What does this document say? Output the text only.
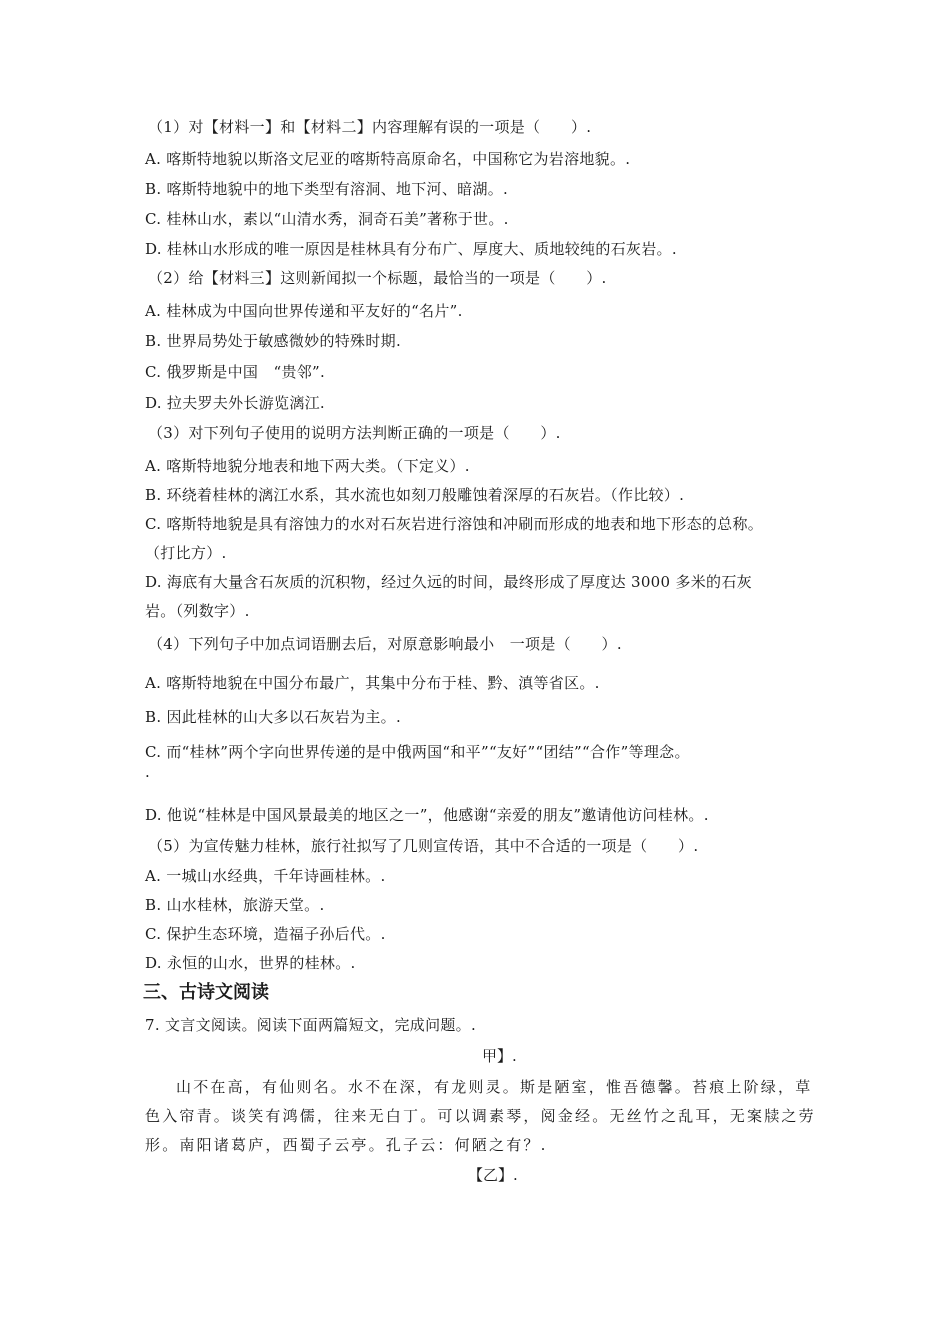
（1）对【材料一】和【材料二】内容理解有误的一项是（　　）.
A. 喀斯特地貌以斯洛文尼亚的喀斯特高原命名，中国称它为岩溶地貌。.
B. 喀斯特地貌中的地下类型有溶洞、地下河、暗湖。.
C. 桂林山水，素以“山清水秀，洞奇石美”著称于世。.
D. 桂林山水形成的唯一原因是桂林具有分布广、厚度大、质地较纯的石灰岩。.
（2）给【材料三】这则新闻拟一个标题，最恰当的一项是（　　）.
A. 桂林成为中国向世界传递和平友好的“名片”.
B. 世界局势处于敏感微妙的特殊时期.
C. 俄罗斯是中国　“贵邻”.
D. 拉夫罗夫外长游览漓江.
（3）对下列句子使用的说明方法判断正确的一项是（　　）.
A. 喀斯特地貌分地表和地下两大类。（下定义）.
B. 环绕着桂林的漓江水系，其水流也如刻刀般雕蚀着深厚的石灰岩。（作比较）.
C. 喀斯特地貌是具有溶蚀力的水对石灰岩进行溶蚀和冲刷而形成的地表和地下形态的总称。
（打比方）.
D. 海底有大量含石灰质的沉积物，经过久远的时间，最终形成了厚度达 3000 多米的石灰
岩。（列数字）.
（4）下列句子中加点词语删去后，对原意影响最小　一项是（　　）.
A. 喀斯特地貌在中国分布最广，其集中分布于桂、黔、滇等省区。.
B. 因此桂林的山大多以石灰岩为主。.
C. 而“桂林”两个字向世界传递的是中俄两国“和平”“友好”“团结”“合作”等理念。
.
D. 他说“桂林是中国风景最美的地区之一”，他感谢“亲爱的朋友”邀请他访问桂林。.
（5）为宣传魅力桂林，旅行社拟写了几则宣传语，其中不合适的一项是（　　）.
A. 一城山水经典，千年诗画桂林。.
B. 山水桂林，旅游天堂。.
C. 保护生态环境，造福子孙后代。.
D. 永恒的山水，世界的桂林。.
三、古诗文阅读
7. 文言文阅读。阅读下面两篇短文，完成问题。.
甲】.
山不在高，有仙则名。水不在深，有龙则灵。斯是陋室，惟吾德馨。苔痕上阶绿，草
色入帘青。谈笑有鸿儒，往来无白丁。可以调素琴，阅金经。无丝竹之乱耳，无案牍之劳
形。南阳诸葛庐，西蜀子云亭。孔子云：何陋之有？.
【乙】.
